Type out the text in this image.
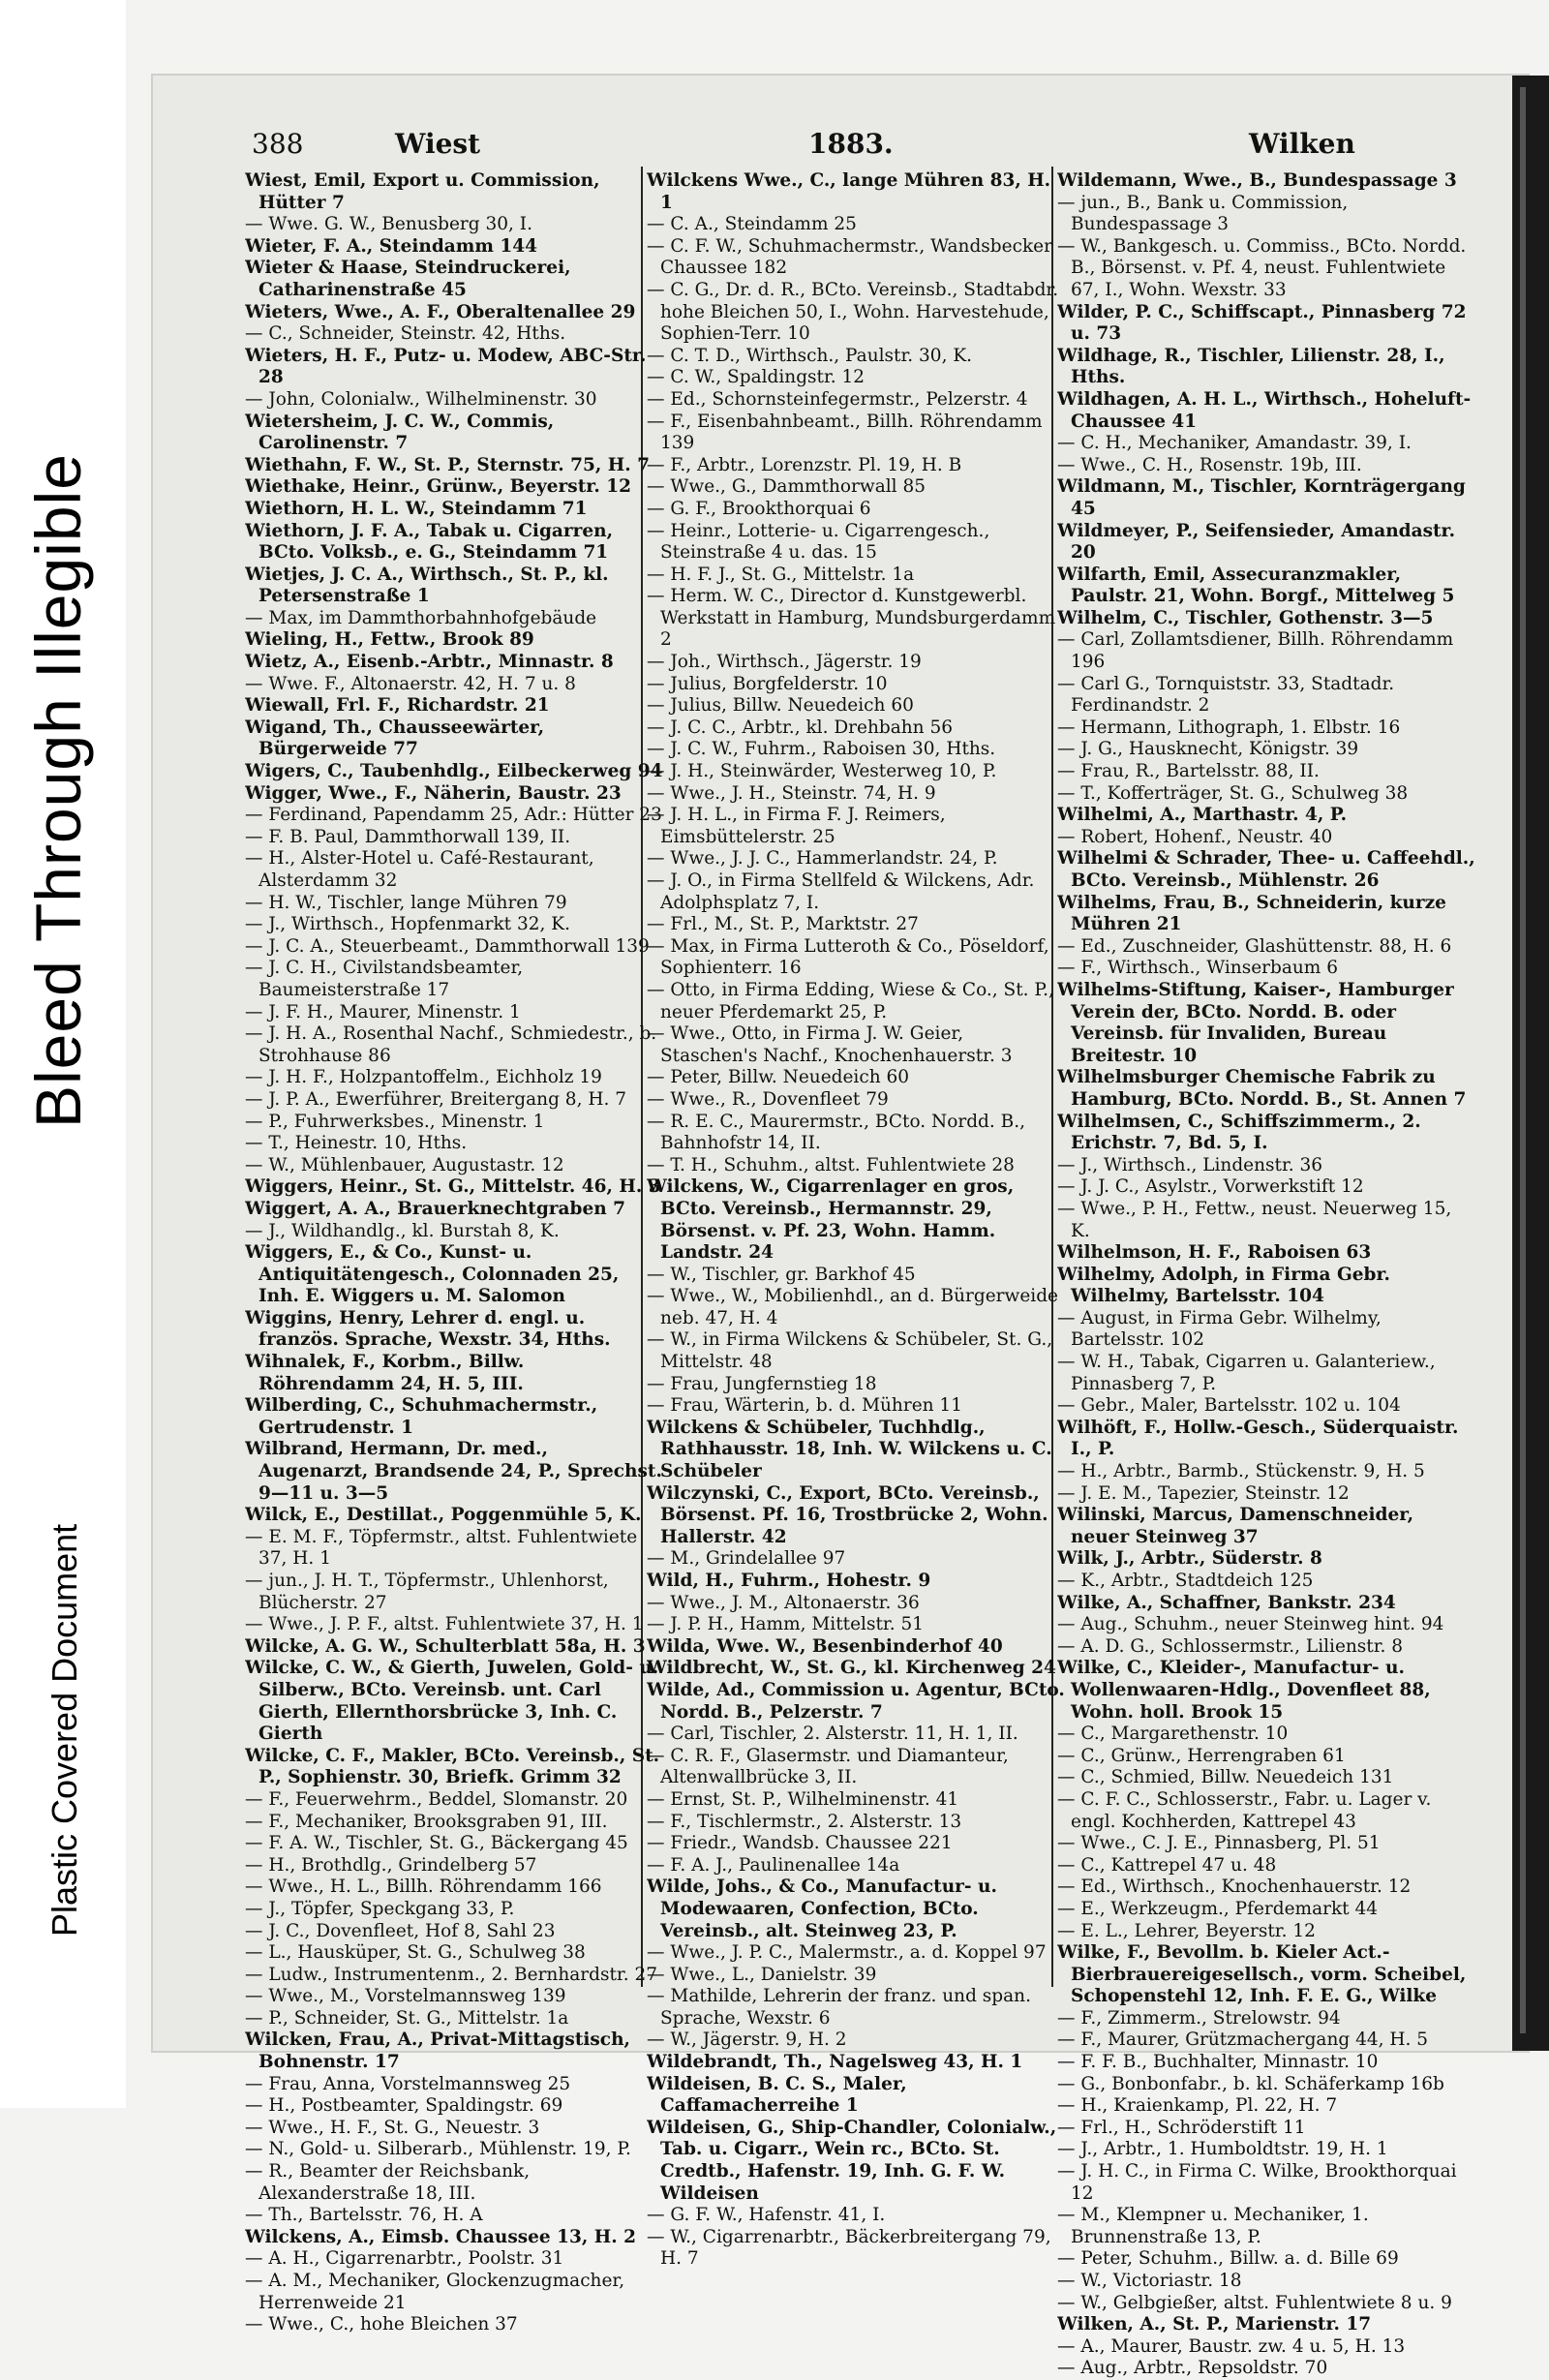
Bleed Through Illegible
Plastic Covered Document
388	Wiest	1883.	Wilken
Wiest, Emil, Export u. Commission, Hütter 7
— Wwe. G. W., Benusberg 30, I.
Wieter, F. A., Steindamm 144
Wieter & Haase, Steindruckerei, Catharinenstraße 45
Wieters, Wwe., A. F., Oberaltenallee 29
— C., Schneider, Steinstr. 42, Hths.
Wieters, H. F., Putz- u. Modew, ABC-Str. 28
— John, Colonialw., Wilhelminenstr. 30
Wietersheim, J. C. W., Commis, Carolinenstr. 7
Wiethahn, F. W., St. P., Sternstr. 75, H. 7
Wiethake, Heinr., Grünw., Beyerstr. 12
Wiethorn, H. L. W., Steindamm 71
Wiethorn, J. F. A., Tabak u. Cigarren, BCto. Volksb., e. G., Steindamm 71
Wietjes, J. C. A., Wirthsch., St. P., kl. Petersenstraße 1
— Max, im Dammthorbahnhofgebäude
Wieling, H., Fettw., Brook 89
Wietz, A., Eisenb.-Arbtr., Minnastr. 8
— Wwe. F., Altonaerstr. 42, H. 7 u. 8
Wiewall, Frl. F., Richardstr. 21
Wigand, Th., Chausseewärter, Bürgerweide 77
Wigers, C., Taubenhdlg., Eilbeckerweg 94
Wigger, Wwe., F., Näherin, Baustr. 23
— Ferdinand, Papendamm 25, Adr.: Hütter 23
— F. B. Paul, Dammthorwall 139, II.
— H., Alster-Hotel u. Café-Restaurant, Alsterdamm 32
— H. W., Tischler, lange Mühren 79
— J., Wirthsch., Hopfenmarkt 32, K.
— J. C. A., Steuerbeamt., Dammthorwall 139
— J. C. H., Civilstandsbeamter, Baumeisterstraße 17
— J. F. H., Maurer, Minenstr. 1
— J. H. A., Rosenthal Nachf., Schmiedestr., b. Strohhause 86
— J. H. F., Holzpantoffelm., Eichholz 19
— J. P. A., Ewerführer, Breitergang 8, H. 7
— P., Fuhrwerksbes., Minenstr. 1
— T., Heinestr. 10, Hths.
— W., Mühlenbauer, Augustastr. 12
Wiggers, Heinr., St. G., Mittelstr. 46, H. 3
Wiggert, A. A., Brauerknechtgraben 7
— J., Wildhandlg., kl. Burstah 8, K.
Wiggers, E., & Co., Kunst- u. Antiquitätengesch., Colonnaden 25, Inh. E. Wiggers u. M. Salomon
Wiggins, Henry, Lehrer d. engl. u. französ. Sprache, Wexstr. 34, Hths.
Wihnalek, F., Korbm., Billw. Röhrendamm 24, H. 5, III.
Wilberding, C., Schuhmachermstr., Gertrudenstr. 1
Wilbrand, Hermann, Dr. med., Augenarzt, Brandsende 24, P., Sprechst. 9—11 u. 3—5
Wilck, E., Destillat., Poggenmühle 5, K.
— E. M. F., Töpfermstr., altst. Fuhlentwiete 37, H. 1
— jun., J. H. T., Töpfermstr., Uhlenhorst, Blücherstr. 27
— Wwe., J. P. F., altst. Fuhlentwiete 37, H. 1
Wilcke, A. G. W., Schulterblatt 58a, H. 3
Wilcke, C. W., & Gierth, Juwelen, Gold- u. Silberw., BCto. Vereinsb. unt. Carl Gierth, Ellernthorsbrücke 3, Inh. C. Gierth
Wilcke, C. F., Makler, BCto. Vereinsb., St. P., Sophienstr. 30, Briefk. Grimm 32
— F., Feuerwehrm., Beddel, Slomanstr. 20
— F., Mechaniker, Brooksgraben 91, III.
— F. A. W., Tischler, St. G., Bäckergang 45
— H., Brothdlg., Grindelberg 57
— Wwe., H. L., Billh. Röhrendamm 166
— J., Töpfer, Speckgang 33, P.
— J. C., Dovenfleet, Hof 8, Sahl 23
— L., Hausküper, St. G., Schulweg 38
— Ludw., Instrumentenm., 2. Bernhardstr. 27
— Wwe., M., Vorstelmannsweg 139
— P., Schneider, St. G., Mittelstr. 1a
Wilcken, Frau, A., Privat-Mittagstisch, Bohnenstr. 17
— Frau, Anna, Vorstelmannsweg 25
— H., Postbeamter, Spaldingstr. 69
— Wwe., H. F., St. G., Neuestr. 3
— N., Gold- u. Silberarb., Mühlenstr. 19, P.
— R., Beamter der Reichsbank, Alexanderstraße 18, III.
— Th., Bartelsstr. 76, H. A
Wilckens, A., Eimsb. Chaussee 13, H. 2
— A. H., Cigarrenarbtr., Poolstr. 31
— A. M., Mechaniker, Glockenzugmacher, Herrenweide 21
— Wwe., C., hohe Bleichen 37
Wilckens Wwe., C., lange Mühren 83, H. 1
— C. A., Steindamm 25
— C. F. W., Schuhmachermstr., Wandsbecker Chaussee 182
— C. G., Dr. d. R., BCto. Vereinsb., Stadtabdr. hohe Bleichen 50, I., Wohn. Harvestehude, Sophien-Terr. 10
— C. T. D., Wirthsch., Paulstr. 30, K.
— C. W., Spaldingstr. 12
— Ed., Schornsteinfegermstr., Pelzerstr. 4
— F., Eisenbahnbeamt., Billh. Röhrendamm 139
— F., Arbtr., Lorenzstr. Pl. 19, H. B
— Wwe., G., Dammthorwall 85
— G. F., Brookthorquai 6
— Heinr., Lotterie- u. Cigarrengesch., Steinstraße 4 u. das. 15
— H. F. J., St. G., Mittelstr. 1a
— Herm. W. C., Director d. Kunstgewerbl. Werkstatt in Hamburg, Mundsburgerdamm 2
— Joh., Wirthsch., Jägerstr. 19
— Julius, Borgfelderstr. 10
— Julius, Billw. Neuedeich 60
— J. C. C., Arbtr., kl. Drehbahn 56
— J. C. W., Fuhrm., Raboisen 30, Hths.
— J. H., Steinwärder, Westerweg 10, P.
— Wwe., J. H., Steinstr. 74, H. 9
— J. H. L., in Firma F. J. Reimers, Eimsbüttelerstr. 25
— Wwe., J. J. C., Hammerlandstr. 24, P.
— J. O., in Firma Stellfeld & Wilckens, Adr. Adolphsplatz 7, I.
— Frl., M., St. P., Marktstr. 27
— Max, in Firma Lutteroth & Co., Pöseldorf, Sophienterr. 16
— Otto, in Firma Edding, Wiese & Co., St. P., neuer Pferdemarkt 25, P.
— Wwe., Otto, in Firma J. W. Geier, Staschen's Nachf., Knochenhauerstr. 3
— Peter, Billw. Neuedeich 60
— Wwe., R., Dovenfleet 79
— R. E. C., Maurermstr., BCto. Nordd. B., Bahnhofstr 14, II.
— T. H., Schuhm., altst. Fuhlentwiete 28
Wilckens, W., Cigarrenlager en gros, BCto. Vereinsb., Hermannstr. 29, Börsenst. v. Pf. 23, Wohn. Hamm. Landstr. 24
— W., Tischler, gr. Barkhof 45
— Wwe., W., Mobilienhdl., an d. Bürgerweide neb. 47, H. 4
— W., in Firma Wilckens & Schübeler, St. G., Mittelstr. 48
— Frau, Jungfernstieg 18
— Frau, Wärterin, b. d. Mühren 11
Wilckens & Schübeler, Tuchhdlg., Rathhausstr. 18, Inh. W. Wilckens u. C. Schübeler
Wilczynski, C., Export, BCto. Vereinsb., Börsenst. Pf. 16, Trostbrücke 2, Wohn. Hallerstr. 42
— M., Grindelallee 97
Wild, H., Fuhrm., Hohestr. 9
— Wwe., J. M., Altonaerstr. 36
— J. P. H., Hamm, Mittelstr. 51
Wilda, Wwe. W., Besenbinderhof 40
Wildbrecht, W., St. G., kl. Kirchenweg 24
Wilde, Ad., Commission u. Agentur, BCto. Nordd. B., Pelzerstr. 7
— Carl, Tischler, 2. Alsterstr. 11, H. 1, II.
— C. R. F., Glasermstr. und Diamanteur, Altenwallbrücke 3, II.
— Ernst, St. P., Wilhelminenstr. 41
— F., Tischlermstr., 2. Alsterstr. 13
— Friedr., Wandsb. Chaussee 221
— F. A. J., Paulinenallee 14a
Wilde, Johs., & Co., Manufactur- u. Modewaaren, Confection, BCto. Vereinsb., alt. Steinweg 23, P.
— Wwe., J. P. C., Malermstr., a. d. Koppel 97
— Wwe., L., Danielstr. 39
— Mathilde, Lehrerin der franz. und span. Sprache, Wexstr. 6
— W., Jägerstr. 9, H. 2
Wildebrandt, Th., Nagelsweg 43, H. 1
Wildeisen, B. C. S., Maler, Caffamacherreihe 1
Wildeisen, G., Ship-Chandler, Colonialw., Tab. u. Cigarr., Wein rc., BCto. St. Credtb., Hafenstr. 19, Inh. G. F. W. Wildeisen
— G. F. W., Hafenstr. 41, I.
— W., Cigarrenarbtr., Bäckerbreitergang 79, H. 7
Wildemann, Wwe., B., Bundespassage 3
— jun., B., Bank u. Commission, Bundespassage 3
— W., Bankgesch. u. Commiss., BCto. Nordd. B., Börsenst. v. Pf. 4, neust. Fuhlentwiete 67, I., Wohn. Wexstr. 33
Wilder, P. C., Schiffscapt., Pinnasberg 72 u. 73
Wildhage, R., Tischler, Lilienstr. 28, I., Hths.
Wildhagen, A. H. L., Wirthsch., Hoheluft-Chaussee 41
— C. H., Mechaniker, Amandastr. 39, I.
— Wwe., C. H., Rosenstr. 19b, III.
Wildmann, M., Tischler, Kornträgergang 45
Wildmeyer, P., Seifensieder, Amandastr. 20
Wilfarth, Emil, Assecuranzmakler, Paulstr. 21, Wohn. Borgf., Mittelweg 5
Wilhelm, C., Tischler, Gothenstr. 3—5
— Carl, Zollamtsdiener, Billh. Röhrendamm 196
— Carl G., Tornquiststr. 33, Stadtadr. Ferdinandstr. 2
— Hermann, Lithograph, 1. Elbstr. 16
— J. G., Hausknecht, Königstr. 39
— Frau, R., Bartelsstr. 88, II.
— T., Kofferträger, St. G., Schulweg 38
Wilhelmi, A., Marthastr. 4, P.
— Robert, Hohenf., Neustr. 40
Wilhelmi & Schrader, Thee- u. Caffeehdl., BCto. Vereinsb., Mühlenstr. 26
Wilhelms, Frau, B., Schneiderin, kurze Mühren 21
— Ed., Zuschneider, Glashüttenstr. 88, H. 6
— F., Wirthsch., Winserbaum 6
Wilhelms-Stiftung, Kaiser-, Hamburger Verein der, BCto. Nordd. B. oder Vereinsb. für Invaliden, Bureau Breitestr. 10
Wilhelmsburger Chemische Fabrik zu Hamburg, BCto. Nordd. B., St. Annen 7
Wilhelmsen, C., Schiffszimmerm., 2. Erichstr. 7, Bd. 5, I.
— J., Wirthsch., Lindenstr. 36
— J. J. C., Asylstr., Vorwerkstift 12
— Wwe., P. H., Fettw., neust. Neuerweg 15, K.
Wilhelmson, H. F., Raboisen 63
Wilhelmy, Adolph, in Firma Gebr. Wilhelmy, Bartelsstr. 104
— August, in Firma Gebr. Wilhelmy, Bartelsstr. 102
— W. H., Tabak, Cigarren u. Galanteriew., Pinnasberg 7, P.
— Gebr., Maler, Bartelsstr. 102 u. 104
Wilhöft, F., Hollw.-Gesch., Süderquaistr. I., P.
— H., Arbtr., Barmb., Stückenstr. 9, H. 5
— J. E. M., Tapezier, Steinstr. 12
Wilinski, Marcus, Damenschneider, neuer Steinweg 37
Wilk, J., Arbtr., Süderstr. 8
— K., Arbtr., Stadtdeich 125
Wilke, A., Schaffner, Bankstr. 234
— Aug., Schuhm., neuer Steinweg hint. 94
— A. D. G., Schlossermstr., Lilienstr. 8
Wilke, C., Kleider-, Manufactur- u. Wollenwaaren-Hdlg., Dovenfleet 88, Wohn. holl. Brook 15
— C., Margarethenstr. 10
— C., Grünw., Herrengraben 61
— C., Schmied, Billw. Neuedeich 131
— C. F. C., Schlosserstr., Fabr. u. Lager v. engl. Kochherden, Kattrepel 43
— Wwe., C. J. E., Pinnasberg, Pl. 51
— C., Kattrepel 47 u. 48
— Ed., Wirthsch., Knochenhauerstr. 12
— E., Werkzeugm., Pferdemarkt 44
— E. L., Lehrer, Beyerstr. 12
Wilke, F., Bevollm. b. Kieler Act.-Bierbrauereigesellsch., vorm. Scheibel, Schopenstehl 12, Inh. F. E. G., Wilke
— F., Zimmerm., Strelowstr. 94
— F., Maurer, Grützmachergang 44, H. 5
— F. F. B., Buchhalter, Minnastr. 10
— G., Bonbonfabr., b. kl. Schäferkamp 16b
— H., Kraienkamp, Pl. 22, H. 7
— Frl., H., Schröderstift 11
— J., Arbtr., 1. Humboldtstr. 19, H. 1
— J. H. C., in Firma C. Wilke, Brookthorquai 12
— M., Klempner u. Mechaniker, 1. Brunnenstraße 13, P.
— Peter, Schuhm., Billw. a. d. Bille 69
— W., Victoriastr. 18
— W., Gelbgießer, altst. Fuhlentwiete 8 u. 9
Wilken, A., St. P., Marienstr. 17
— A., Maurer, Baustr. zw. 4 u. 5, H. 13
— Aug., Arbtr., Repsoldstr. 70
